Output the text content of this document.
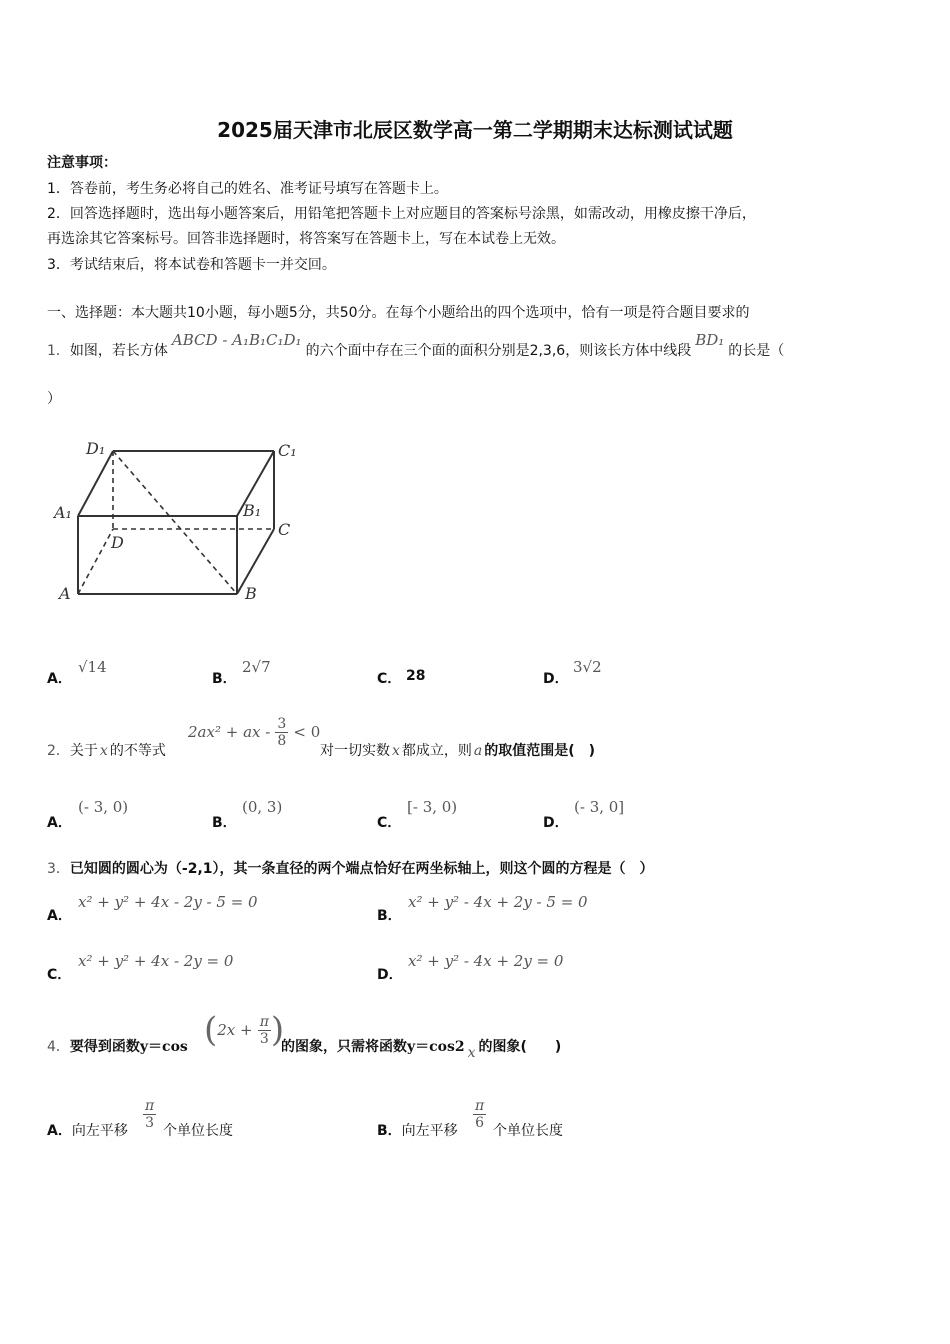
2025届天津市北辰区数学高一第二学期期末达标测试试题
注意事项：
1．答卷前，考生务必将自己的姓名、准考证号填写在答题卡上。
2．回答选择题时，选出每小题答案后，用铅笔把答题卡上对应题目的答案标号涂黑，如需改动，用橡皮擦干净后，
再选涂其它答案标号。回答非选择题时，将答案写在答题卡上，写在本试卷上无效。
3．考试结束后，将本试卷和答题卡一并交回。
一、选择题：本大题共10小题，每小题5分，共50分。在每个小题给出的四个选项中，恰有一项是符合题目要求的
1．如图，若长方体ABCD - A₁B₁C₁D₁的六个面中存在三个面的面积分别是2,3,6，则该长方体中线段BD₁的长是（
）
D₁	C₁
A₁	B₁
C
D
A	B
A．
√14
B．
2√7
C． 28	D．
3√2
2．关于 x 的不等式
2ax² + ax - $\frac{3}{8} < 0$
对一切实数 x 都成立，则 a 的取值范围是(　)
A．
(- 3, 0)
B．
(0, 3)
C．
[- 3, 0)
D．
(- 3, 0]
3．已知圆的圆心为（-2,1），其一条直径的两个端点恰好在两坐标轴上，则这个圆的方程是（　）
A．
x² + y² + 4x - 2y - 5 = 0
B．
x² + y² - 4x + 2y - 5 = 0
C．
x² + y² + 4x - 2y = 0
D．
x² + y² - 4x + 2y = 0
4．要得到函数y＝cos ($2x + \frac{\pi}{3}$ )
的图象，只需将函数y＝cos2 x 的图象(　　)
A．向左平移 $\frac{\pi}{3}$ 个单位长度	B．向左平移 $\frac{\pi}{6}$ 个单位长度
